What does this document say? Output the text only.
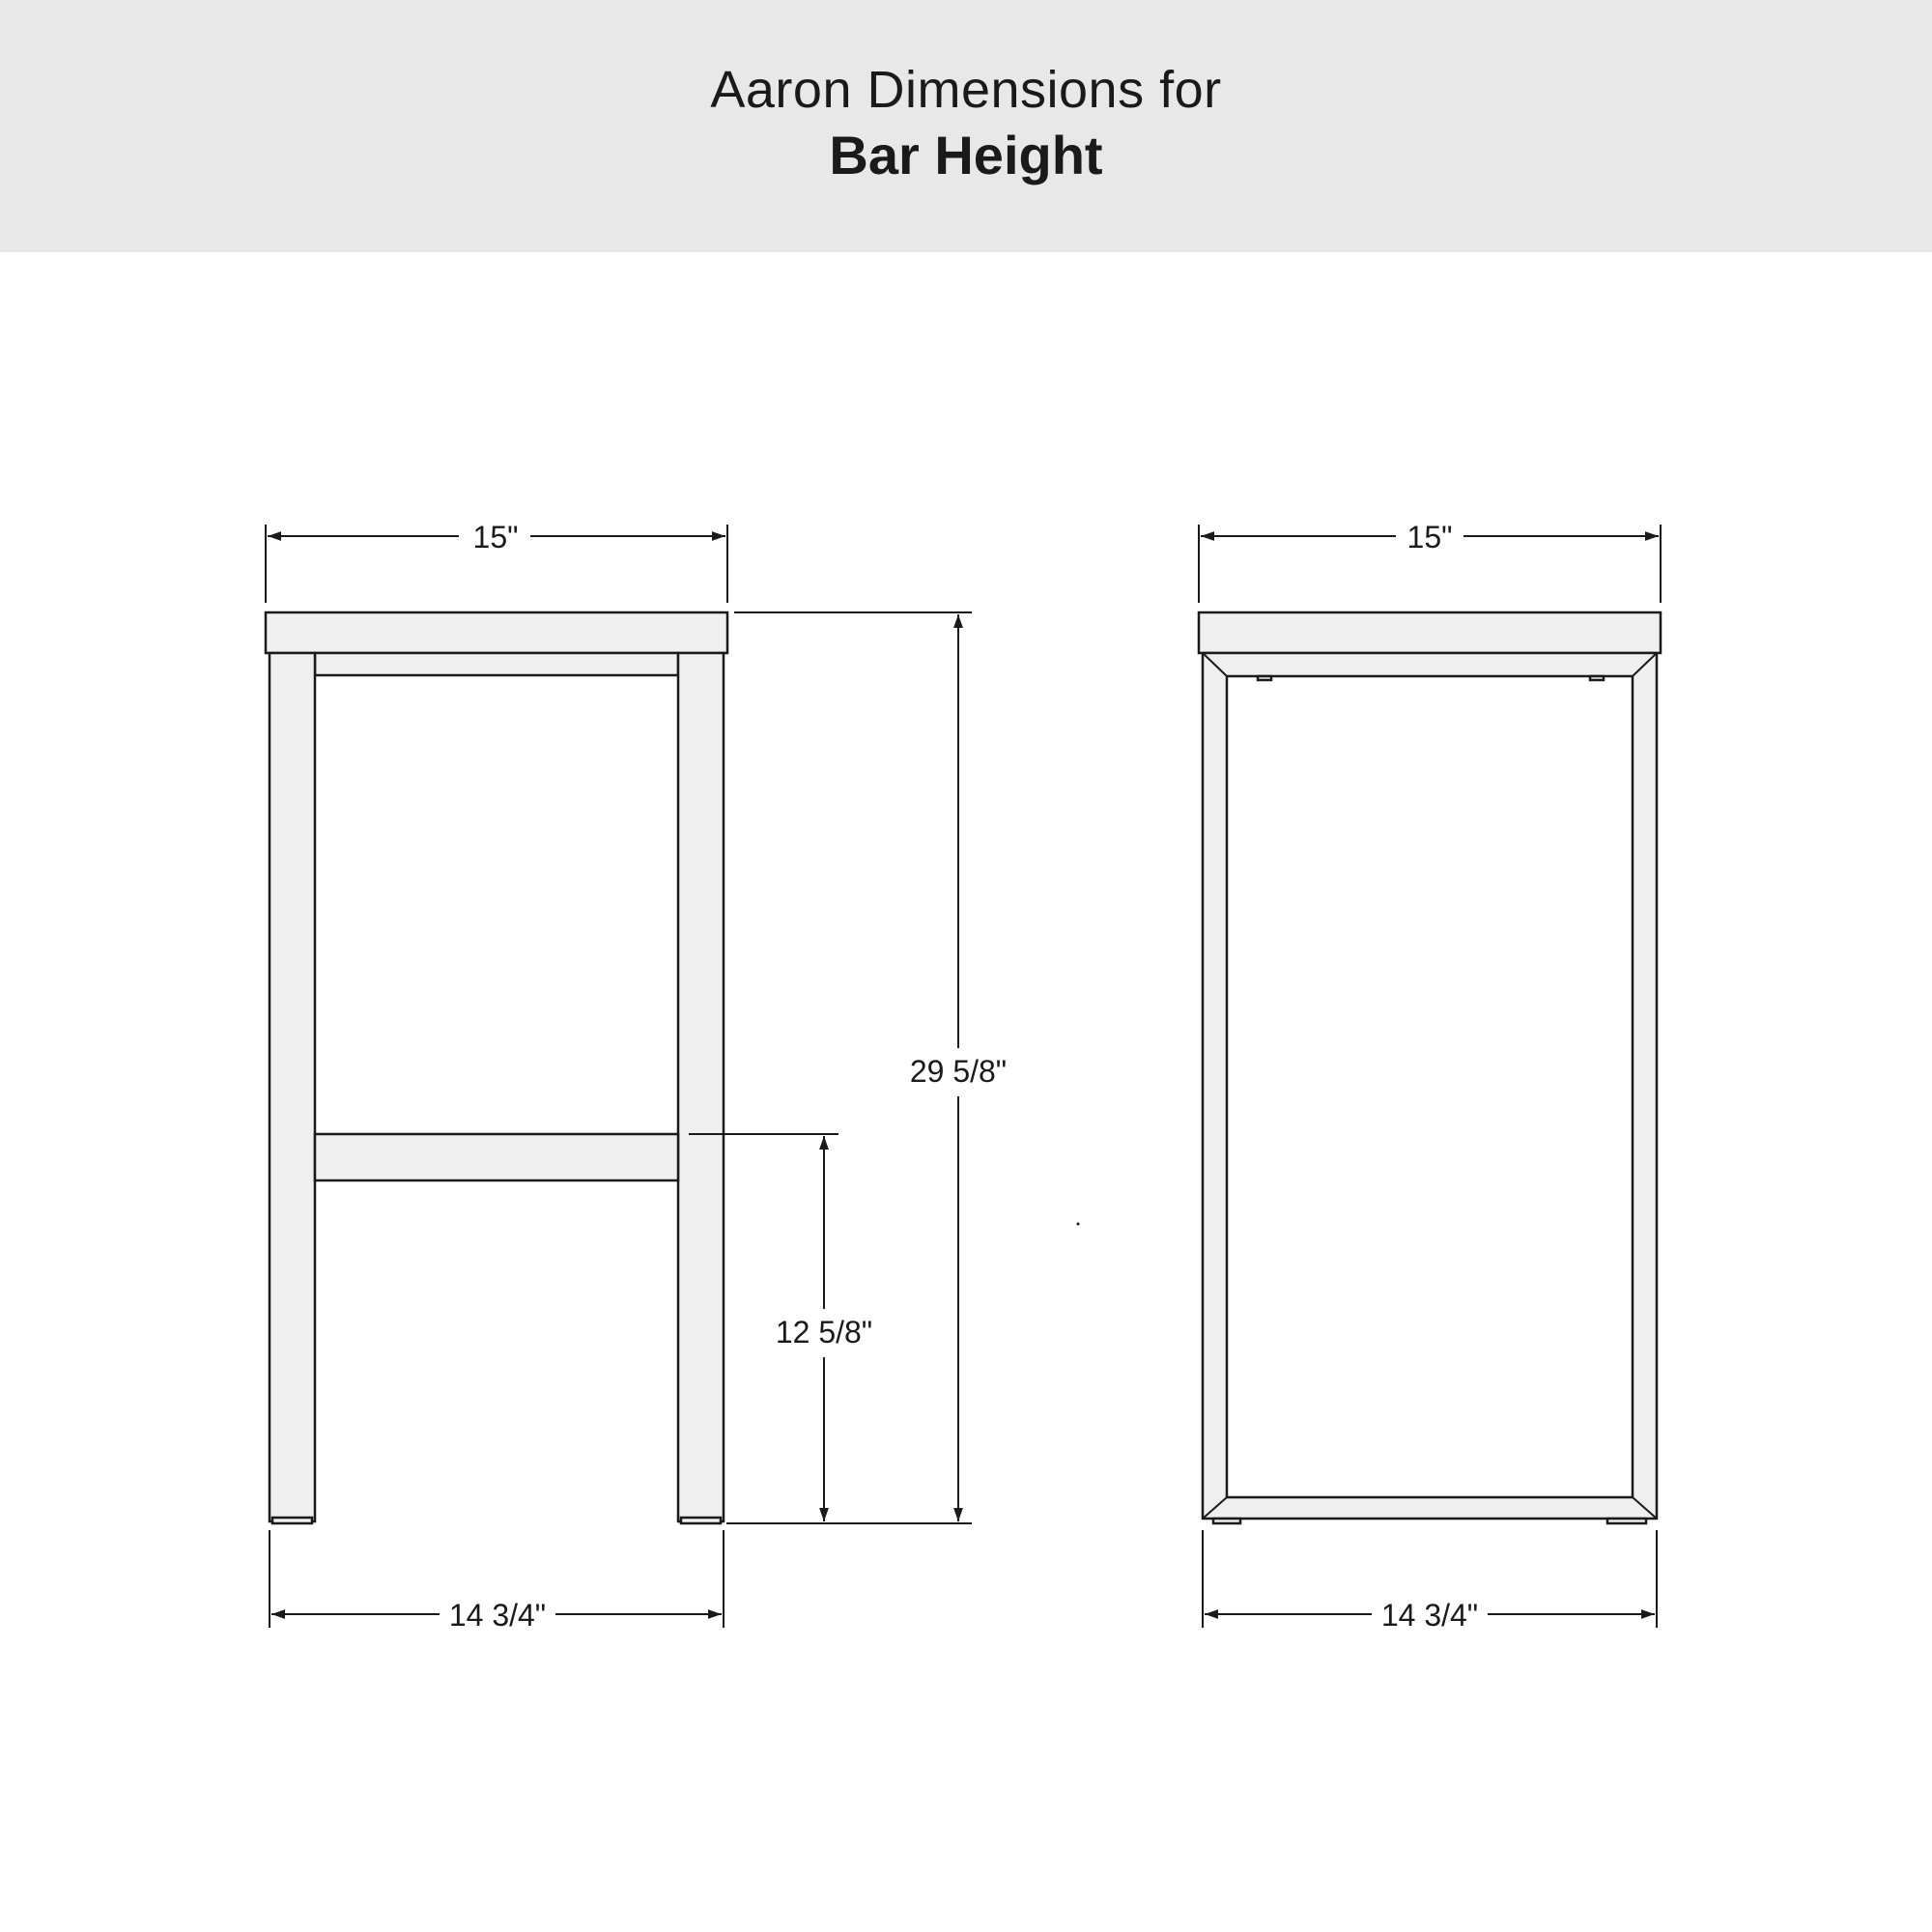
Aaron Dimensions for
Bar Height
15"
29 5/8"
12 5/8"
14 3/4"
15"
14 3/4"
